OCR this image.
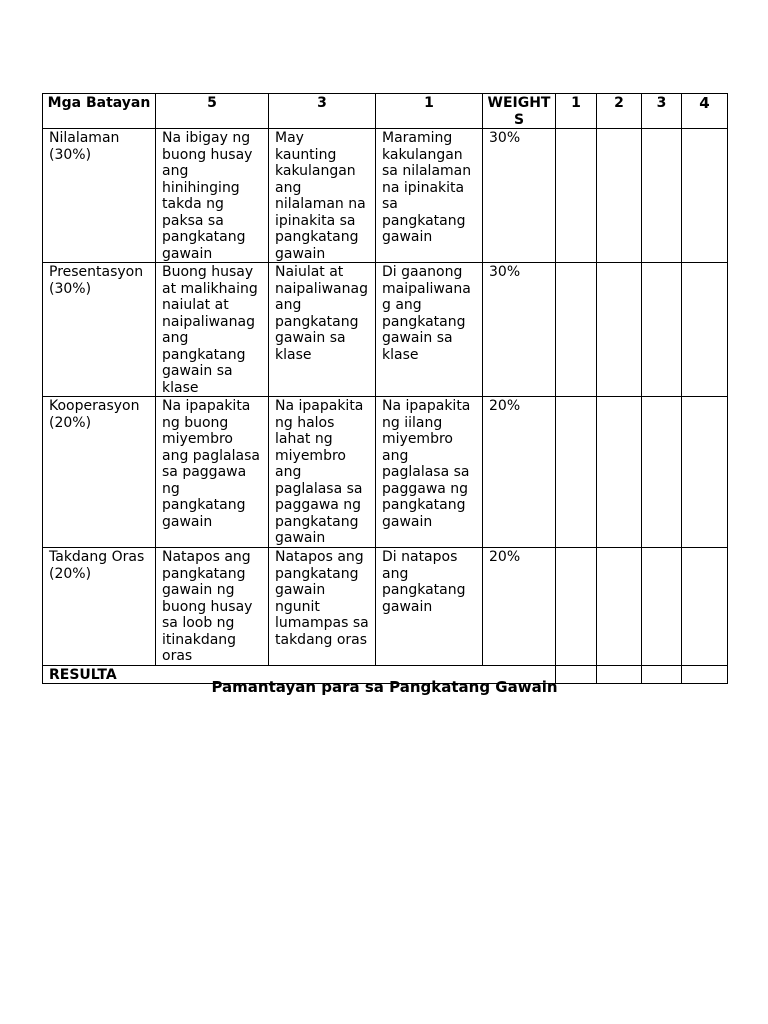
Mga Batayan	5	3	1	WEIGHTS	1	2	3	4
Nilalaman (30%)	Na ibigay ng buong husay ang hinihinging takda ng paksa sa pangkatang gawain	May kaunting kakulangan ang nilalaman na ipinakita sa pangkatang gawain	Maraming kakulangan sa nilalaman na ipinakita sa pangkatang gawain	30%				
Presentasyon (30%)	Buong husay at malikhaing naiulat at naipaliwanag ang pangkatang gawain sa klase	Naiulat at naipaliwanag ang pangkatang gawain sa klase	Di gaanong maipaliwanag ang pangkatang gawain sa klase	30%				
Kooperasyon (20%)	Na ipapakita ng buong miyembro ang paglalasa sa paggawa ng pangkatang gawain	Na ipapakita ng halos lahat ng miyembro ang paglalasa sa paggawa ng pangkatang gawain	Na ipapakita ng iilang miyembro ang paglalasa sa paggawa ng pangkatang gawain	20%				
Takdang Oras (20%)	Natapos ang pangkatang gawain ng buong husay sa loob ng itinakdang oras	Natapos ang pangkatang gawain ngunit lumampas sa takdang oras	Di natapos ang pangkatang gawain	20%				
RESULTA								
Pamantayan para sa Pangkatang Gawain
